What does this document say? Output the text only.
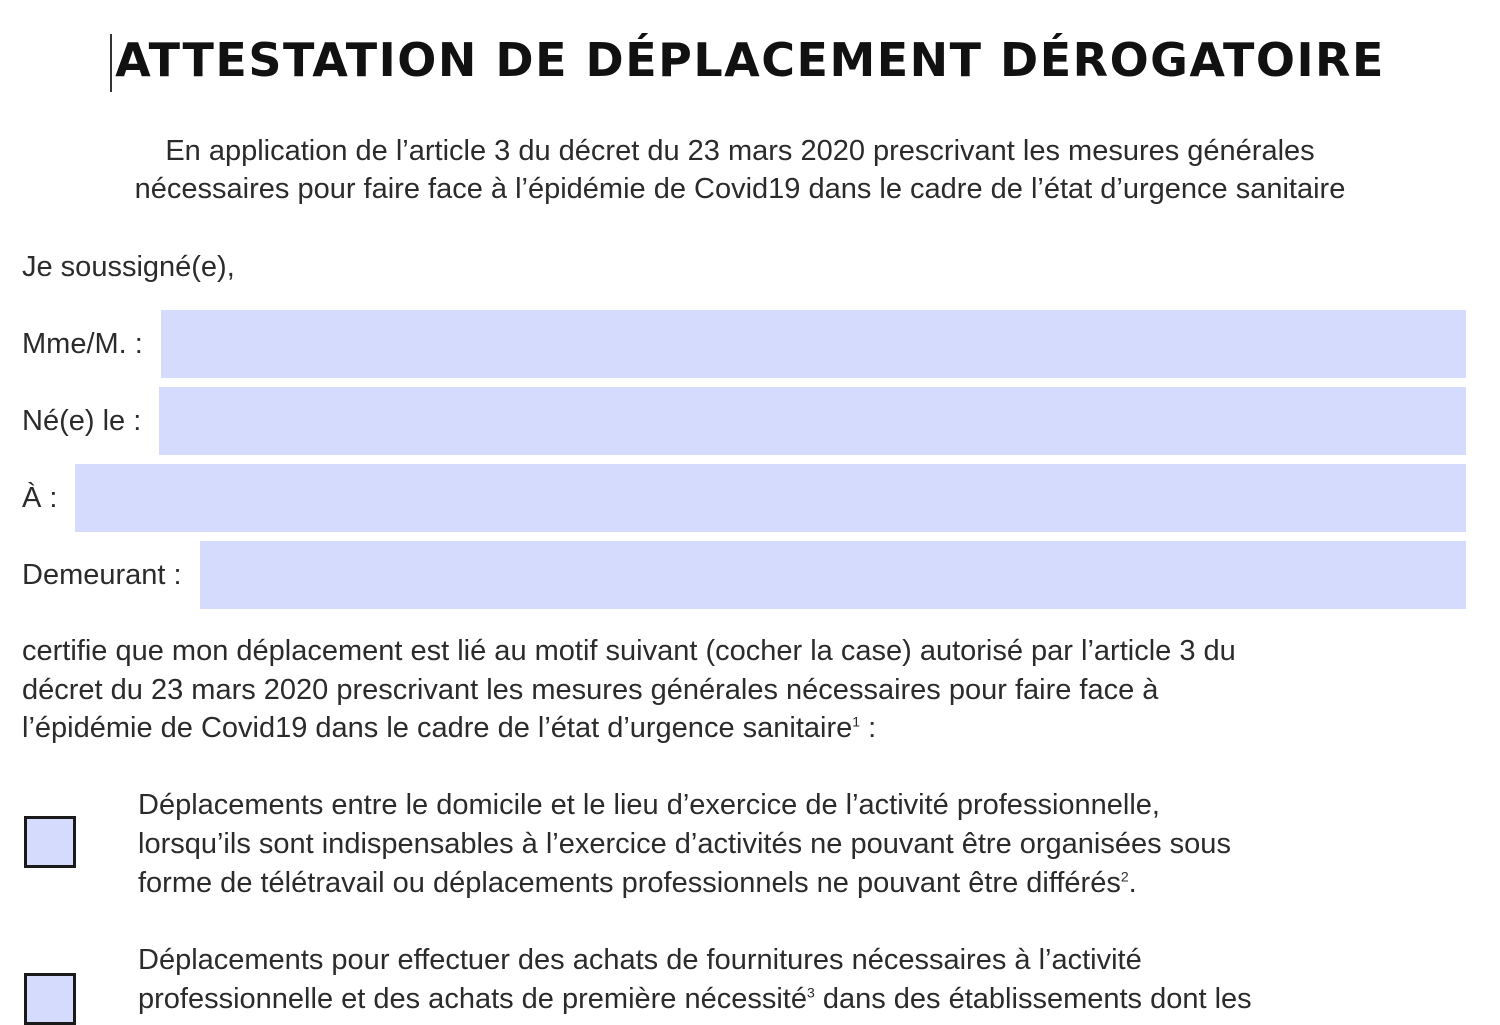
ATTESTATION DE DÉPLACEMENT DÉROGATOIRE

En application de l’article 3 du décret du 23 mars 2020 prescrivant les mesures générales
nécessaires pour faire face à l’épidémie de Covid19 dans le cadre de l’état d’urgence sanitaire

Je soussigné(e),

Mme/M. :
Né(e) le :
À :
Demeurant :

certifie que mon déplacement est lié au motif suivant (cocher la case) autorisé par l’article 3 du
décret du 23 mars 2020 prescrivant les mesures générales nécessaires pour faire face à
l’épidémie de Covid19 dans le cadre de l’état d’urgence sanitaire$^1$ :

Déplacements entre le domicile et le lieu d’exercice de l’activité professionnelle,
lorsqu’ils sont indispensables à l’exercice d’activités ne pouvant être organisées sous
forme de télétravail ou déplacements professionnels ne pouvant être différés$^2$.

Déplacements pour effectuer des achats de fournitures nécessaires à l’activité
professionnelle et des achats de première nécessité$^3$ dans des établissements dont les
